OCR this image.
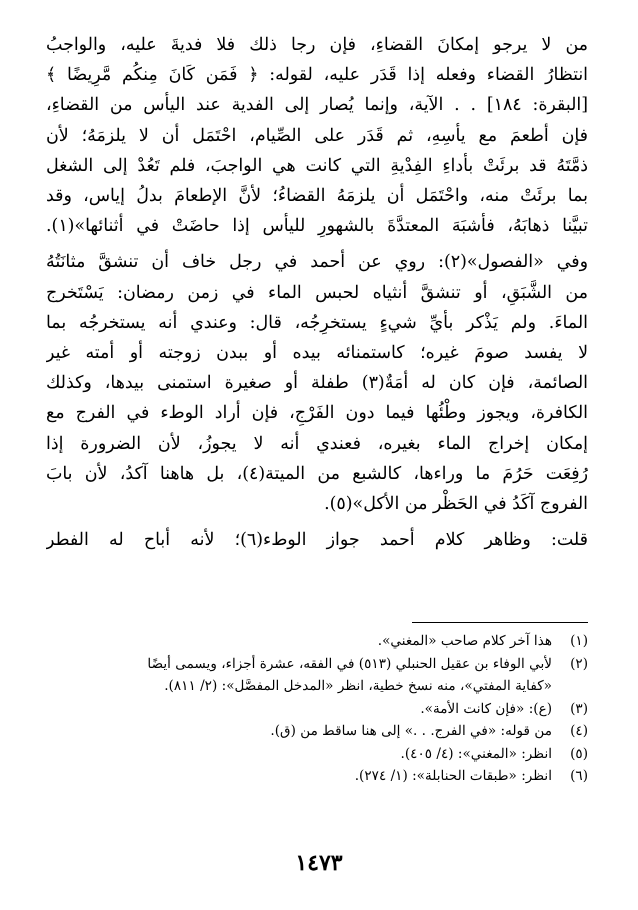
من لا يرجو إمكانَ القضاءِ، فإن رجا ذلك فلا فديةَ عليه، والواجبُ
انتظارُ القضاء وفعله إذا قَدَر عليه، لقوله: ﴿ فَمَن كَانَ مِنكُم مَّرِيضًا ﴾
[البقرة: ١٨٤] . . الآية، وإنما يُصار إلى الفدية عند اليأس من القضاءِ،
فإن أطعمَ مع يأسِهِ، ثم قَدَر على الصِّيام، احْتَمَل أن لا يلزمَهُ؛ لأن
ذمَّتَهُ قد برئَتْ بأداءِ الفِدْيةِ التي كانت هي الواجبَ، فلم تَعُدْ إلى الشغل
بما برئَتْ منه، واحْتَمَل أن يلزمَهُ القضاءُ؛ لأنَّ الإطعامَ بدلُ إياس، وقد
تبيَّنا ذهابَهُ، فأشبَهَ المعتدَّةَ بالشهورِ لليأس إذا حاضَتْ في أثنائها»(١).
وفي «الفصول»(٢): روي عن أحمد في رجل خاف أن تنشقَّ مثانَتُهُ
من الشَّبَقِ، أو تنشقَّ أنثياه لحبس الماء في زمن رمضان: يَسْتَخرج
الماءَ. ولم يَذْكر بأيِّ شيءٍ يستخرِجُه، قال: وعندي أنه يستخرجُه بما
لا يفسد صومَ غيره؛ كاستمنائه بيده أو ببدن زوجته أو أمته غير
الصائمة، فإن كان له أمَةٌ(٣) طفلة أو صغيرة استمنى بيدها، وكذلك
الكافرة، ويجوز وطْئُها فيما دون الفَرْجِ، فإن أراد الوطء في الفرج مع
إمكان إخراج الماء بغيره، فعندي أنه لا يجوزُ، لأن الضرورة إذا
رُفِعَت حَرُمَ ما وراءها، كالشبع من الميتة(٤)، بل هاهنا آكدُ، لأن بابَ
الفروج آكَدُ في الحَظْر من الأكل»(٥).
قلت: وظاهر كلام أحمد جواز الوطء(٦)؛ لأنه أباح له الفطر
(١)
هذا آخر كلام صاحب «المغني».
(٢)
لأبي الوفاء بن عقيل الحنبلي (٥١٣) في الفقه، عشرة أجزاء، ويسمى أيضًا
«كفاية المفتي»، منه نسخ خطية، انظر «المدخل المفصَّل»: (٢/ ٨١١).
(٣)
(ع): «فإن كانت الأمة».
(٤)
من قوله: «في الفرج. . .» إلى هنا ساقط من (ق).
(٥)
انظر: «المغني»: (٤/ ٤٠٥).
(٦)
انظر: «طبقات الحنابلة»: (١/ ٢٧٤).
١٤٧٣
